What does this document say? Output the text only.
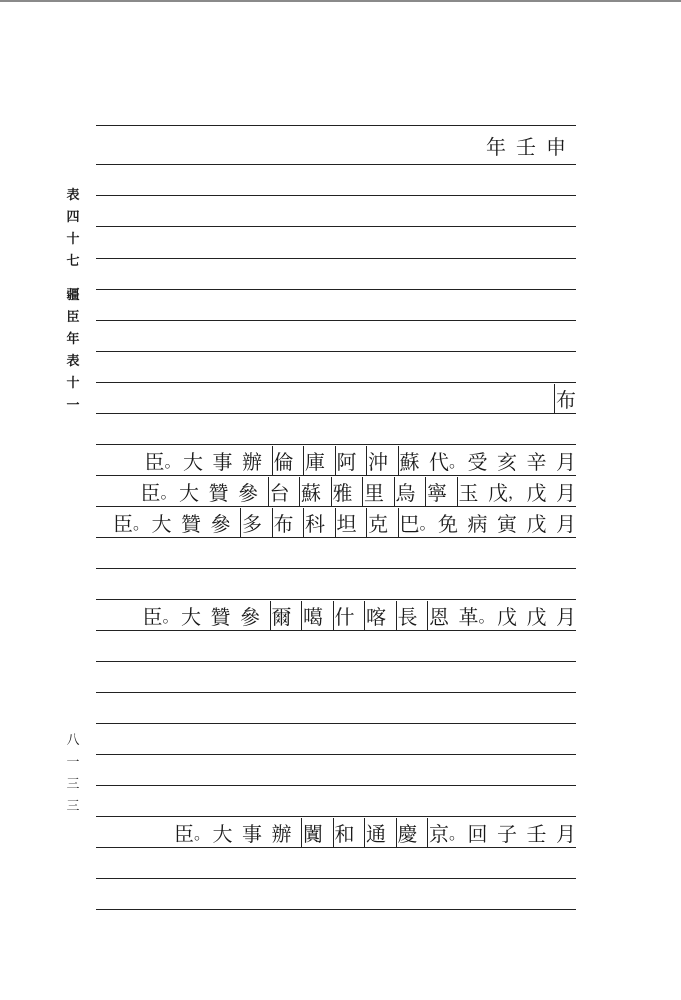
表
四
十
七
疆
臣
年
表
十
一
八
一
三
三
年壬申
布
月
辛
亥
受
。
代
蘇
沖
阿
庫
倫
辦
事
大
。
臣
月
戊
，
戊
玉
寧
烏
里
雅
蘇
台
參
贊
大
。
臣
月
戊
寅
病
免
。
巴
克
坦
科
布
多
參
贊
大
。
臣
月
戊
戊
。
革
恩
長
喀
什
噶
爾
參
贊
大
。
臣
月
壬
子
回
。
京
慶
通
和
闐
辦
事
大
。
臣
